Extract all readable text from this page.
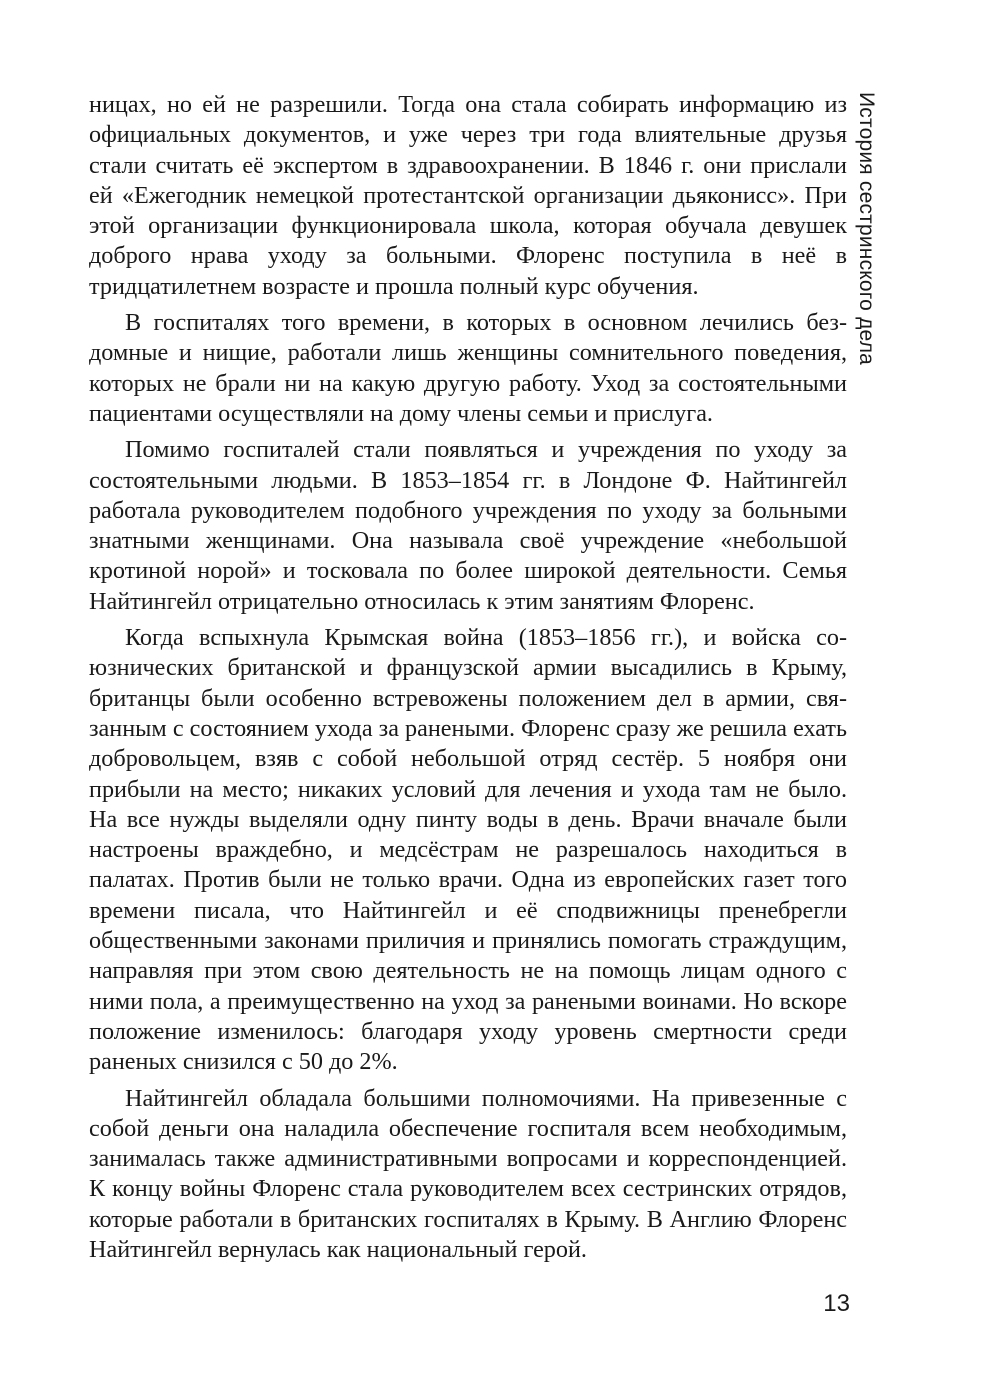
История сестринского дела

ницах, но ей не разрешили. Тогда она стала собирать информацию из официальных документов, и уже через три года влиятельные друзья стали считать её экспертом в здравоохранении. В 1846 г. они прислали ей «Ежегодник немецкой протестантской организации дьяконисс». При этой организации функционировала школа, которая обучала девушек доброго нрава уходу за больными. Флоренс поступила в неё в тридцатилетнем возрасте и прошла полный курс обучения.

В госпиталях того времени, в которых в основном лечились бездомные и нищие, работали лишь женщины сомнительного поведения, которых не брали ни на какую другую работу. Уход за состоятельными пациентами осуществляли на дому члены семьи и прислуга.

Помимо госпиталей стали появляться и учреждения по уходу за состоятельными людьми. В 1853–1854 гг. в Лондоне Ф. Найтингейл работала руководителем подобного учреждения по уходу за больными знатными женщинами. Она называла своё учреждение «небольшой кротиной норой» и тосковала по более широкой деятельности. Семья Найтингейл отрицательно относилась к этим занятиям Флоренс.

Когда вспыхнула Крымская война (1853–1856 гг.), и войска союзнических британской и французской армии высадились в Крыму, британцы были особенно встревожены положением дел в армии, связанным с состоянием ухода за ранеными. Флоренс сразу же решила ехать добровольцем, взяв с собой небольшой отряд сестёр. 5 ноября они прибыли на место; никаких условий для лечения и ухода там не было. На все нужды выделяли одну пинту воды в день. Врачи вначале были настроены враждебно, и медсёстрам не разрешалось находиться в палатах. Против были не только врачи. Одна из европейских газет того времени писала, что Найтингейл и её сподвижницы пренебрегли общественными законами приличия и принялись помогать страждущим, направляя при этом свою деятельность не на помощь лицам одного с ними пола, а преимущественно на уход за ранеными воинами. Но вскоре положение изменилось: благодаря уходу уровень смертности среди раненых снизился с 50 до 2%.

Найтингейл обладала большими полномочиями. На привезенные с собой деньги она наладила обеспечение госпиталя всем необходимым, занималась также административными вопросами и корреспонденцией. К концу войны Флоренс стала руководителем всех сестринских отрядов, которые работали в британских госпиталях в Крыму. В Англию Флоренс Найтингейл вернулась как национальный герой.

13
